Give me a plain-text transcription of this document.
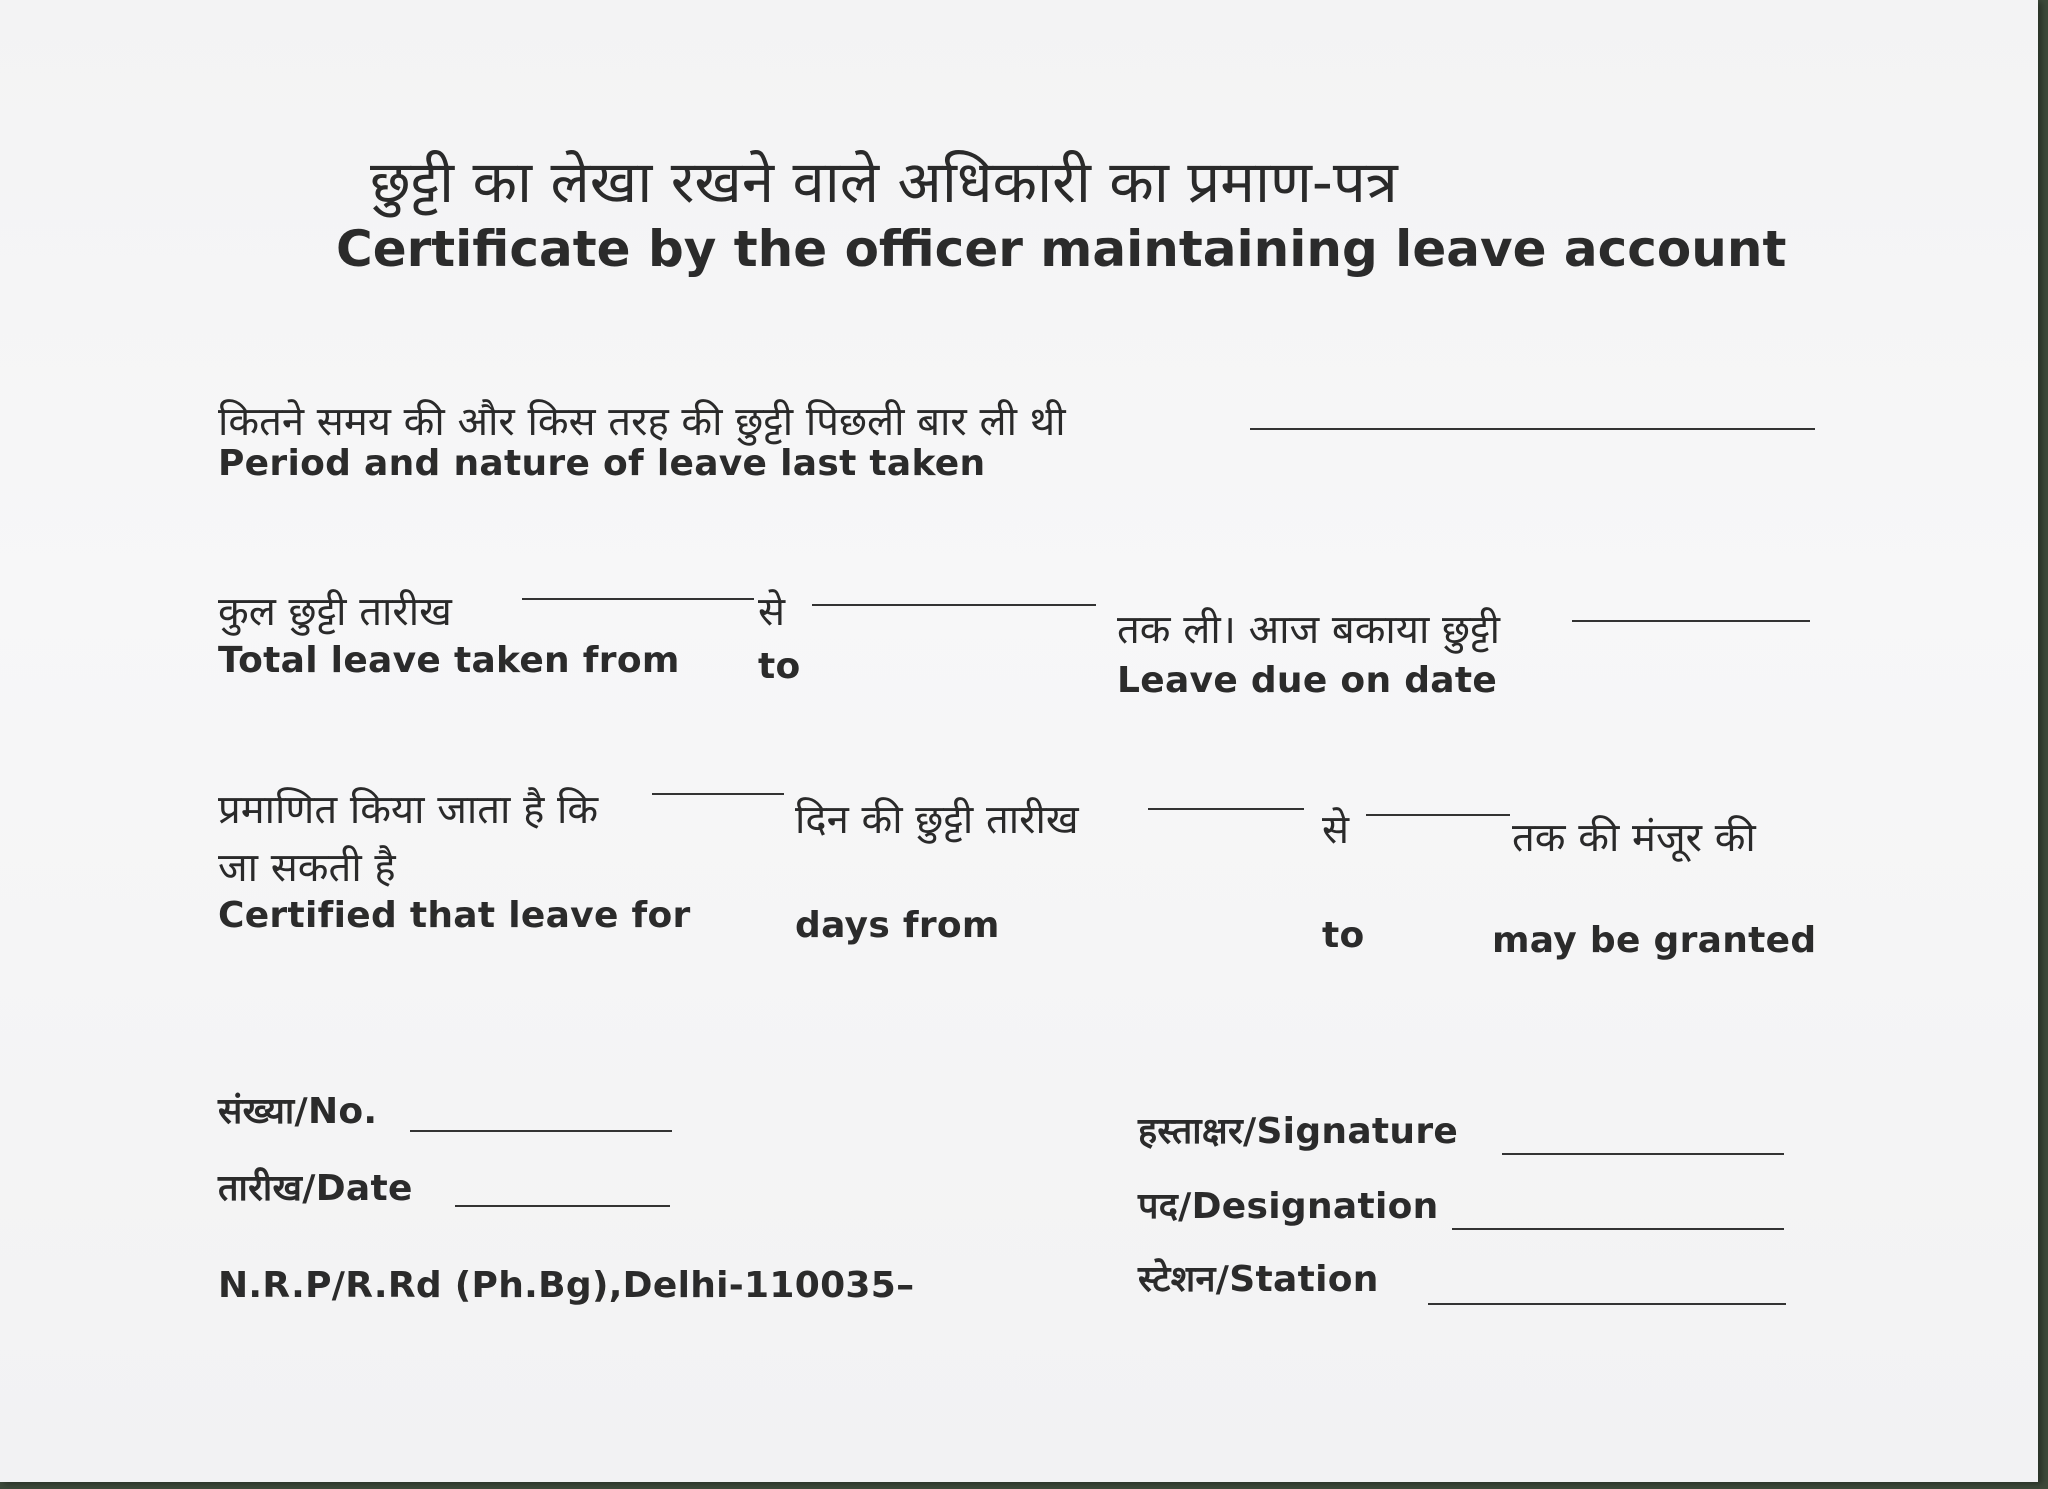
छुट्टी का लेखा रखने वाले अधिकारी का प्रमाण-पत्र
Certificate by the officer maintaining leave account
कितने समय की और किस तरह की छुट्टी पिछली बार ली थी
Period and nature of leave last taken
कुल छुट्टी तारीख	से	तक ली। आज बकाया छुट्टी
Total leave taken from to	Leave due on date
प्रमाणित किया जाता है कि
जा सकती है
दिन की छुट्टी तारीख	से	तक की मंजूर की
Certified that leave for	days from	to	may be granted
संख्या/No.
तारीख/Date
N.R.P/R.Rd (Ph.Bg),Delhi-110035–
हस्ताक्षर/Signature
पद/Designation
स्टेशन/Station
